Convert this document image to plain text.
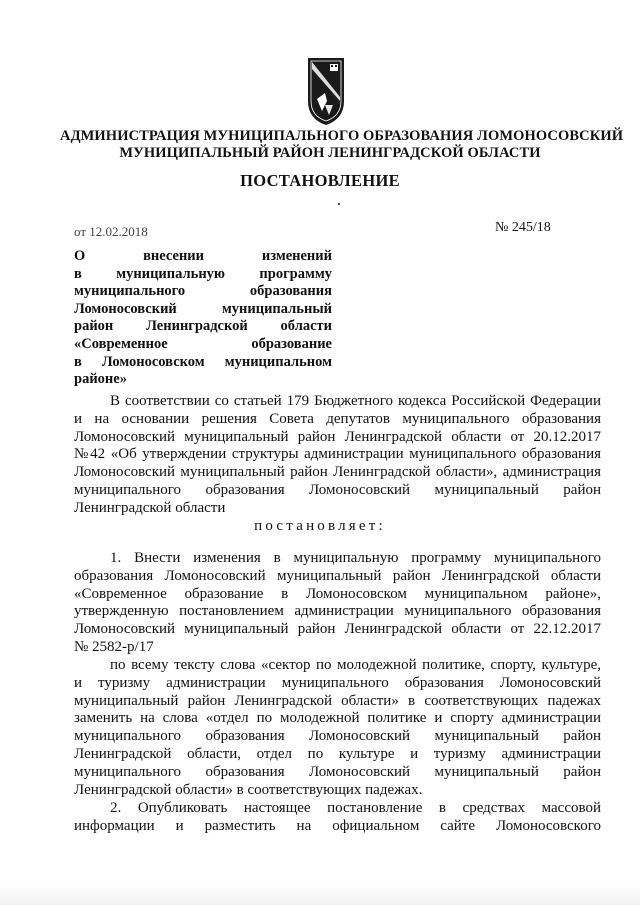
АДМИНИСТРАЦИЯ МУНИЦИПАЛЬНОГО ОБРАЗОВАНИЯ ЛОМОНОСОВСКИЙ
МУНИЦИПАЛЬНЫЙ РАЙОН ЛЕНИНГРАДСКОЙ ОБЛАСТИ
ПОСТАНОВЛЕНИЕ
от 12.02.2018	№ 245/18
О внесении изменений
в муниципальную программу
муниципального образования
Ломоносовский муниципальный
район Ленинградской области
«Современное образование
в Ломоносовском муниципальном
районе»
В соответствии со статьей 179 Бюджетного кодекса Российской Федерации
и на основании решения Совета депутатов муниципального образования
Ломоносовский муниципальный район Ленинградской области от 20.12.2017
№42 «Об утверждении структуры администрации муниципального образования
Ломоносовский муниципальный район Ленинградской области», администрация
муниципального образования Ломоносовский муниципальный район
Ленинградской области
постановляет:
1. Внести изменения в муниципальную программу муниципального
образования Ломоносовский муниципальный район Ленинградской области
«Современное образование в Ломоносовском муниципальном районе»,
утвержденную постановлением администрации муниципального образования
Ломоносовский муниципальный район Ленинградской области от 22.12.2017
№ 2582-р/17
по всему тексту слова «сектор по молодежной политике, спорту, культуре,
и туризму администрации муниципального образования Ломоносовский
муниципальный район Ленинградской области» в соответствующих падежах
заменить на слова «отдел по молодежной политике и спорту администрации
муниципального образования Ломоносовский муниципальный район
Ленинградской области, отдел по культуре и туризму администрации
муниципального образования Ломоносовский муниципальный район
Ленинградской области» в соответствующих падежах.
2. Опубликовать настоящее постановление в средствах массовой
информации и разместить на официальном сайте Ломоносовского
